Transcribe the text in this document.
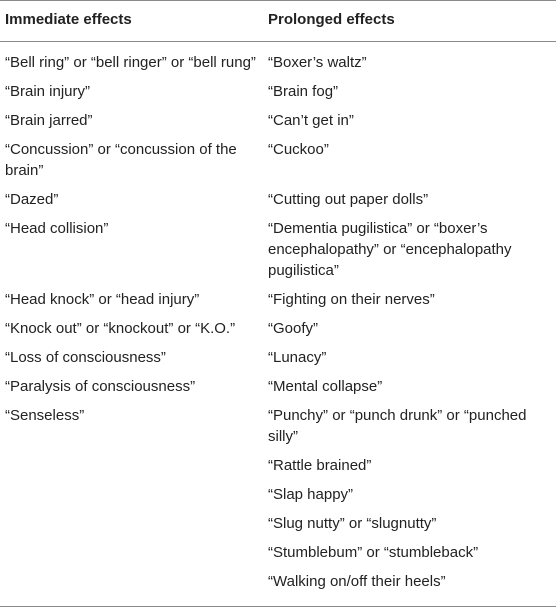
Immediate effects	Prolonged effects
“Bell ring” or “bell ringer” or “bell rung”	“Boxer’s waltz”
“Brain injury”	“Brain fog”
“Brain jarred”	“Can’t get in”
“Concussion” or “concussion of the brain”	“Cuckoo”
“Dazed”	“Cutting out paper dolls”
“Head collision”	“Dementia pugilistica” or “boxer’s encephalopathy” or “encephalopathy pugilistica”
“Head knock” or “head injury”	“Fighting on their nerves”
“Knock out” or “knockout” or “K.O.”	“Goofy”
“Loss of consciousness”	“Lunacy”
“Paralysis of consciousness”	“Mental collapse”
“Senseless”	“Punchy” or “punch drunk” or “punched silly”
	“Rattle brained”
	“Slap happy”
	“Slug nutty” or “slugnutty”
	“Stumblebum” or “stumbleback”
	“Walking on/off their heels”
